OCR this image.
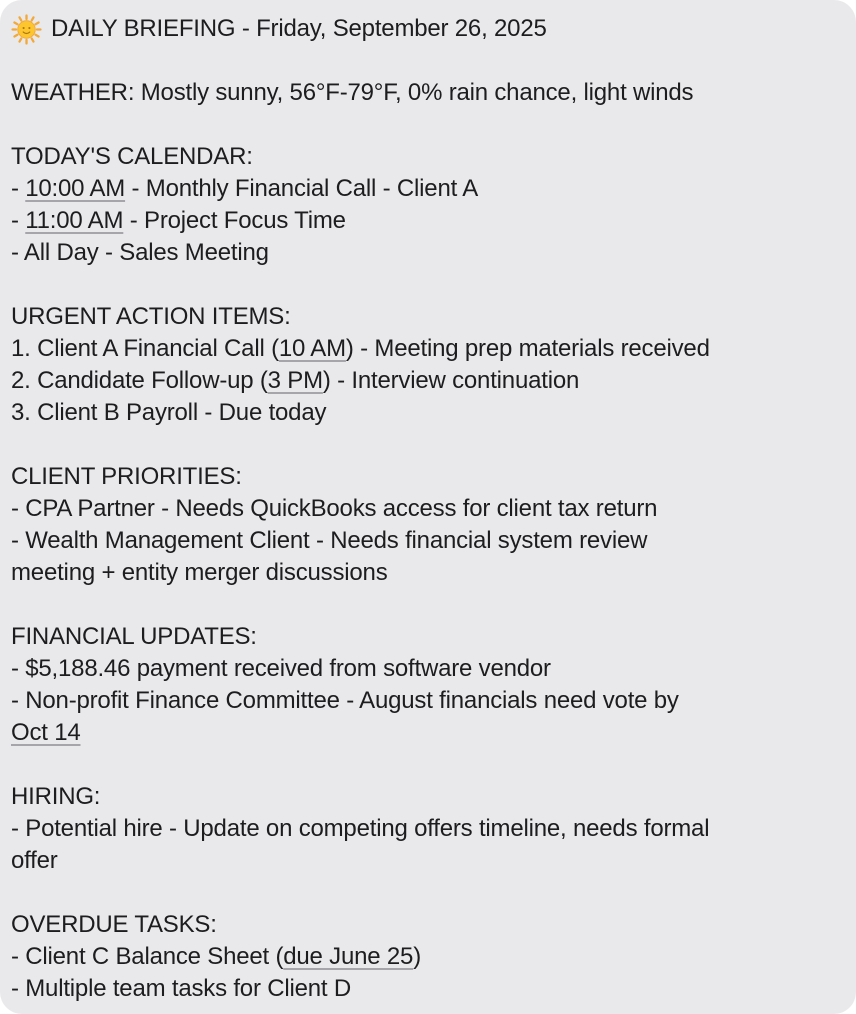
DAILY BRIEFING - Friday, September 26, 2025
WEATHER: Mostly sunny, 56°F-79°F, 0% rain chance, light winds
TODAY'S CALENDAR:
- 10:00 AM - Monthly Financial Call - Client A
- 11:00 AM - Project Focus Time
- All Day - Sales Meeting
URGENT ACTION ITEMS:
1. Client A Financial Call (10 AM) - Meeting prep materials received
2. Candidate Follow-up (3 PM) - Interview continuation
3. Client B Payroll - Due today
CLIENT PRIORITIES:
- CPA Partner - Needs QuickBooks access for client tax return
- Wealth Management Client - Needs financial system review
meeting + entity merger discussions
FINANCIAL UPDATES:
- $5,188.46 payment received from software vendor
- Non-profit Finance Committee - August financials need vote by
Oct 14
HIRING:
- Potential hire - Update on competing offers timeline, needs formal
offer
OVERDUE TASKS:
- Client C Balance Sheet (due June 25)
- Multiple team tasks for Client D
